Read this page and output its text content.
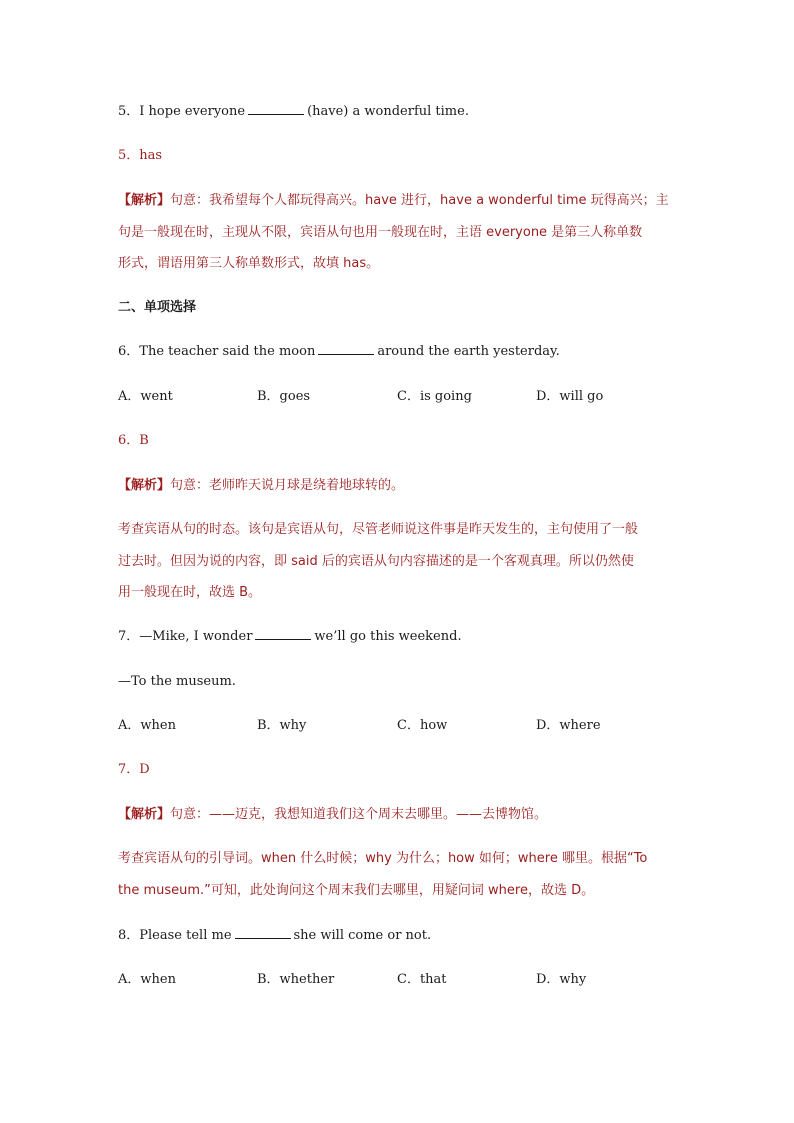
5．I hope everyone	(have) a wonderful time.
5．has
【解析】句意：我希望每个人都玩得高兴。have 进行，have a wonderful time 玩得高兴；主
句是一般现在时，主现从不限，宾语从句也用一般现在时，主语 everyone 是第三人称单数
形式，谓语用第三人称单数形式，故填 has。
二、单项选择
6．The teacher said the moon	around the earth yesterday.
A．went	B．goes	C．is going	D．will go
6．B
【解析】句意：老师昨天说月球是绕着地球转的。
考查宾语从句的时态。该句是宾语从句，尽管老师说这件事是昨天发生的，主句使用了一般
过去时。但因为说的内容，即 said 后的宾语从句内容描述的是一个客观真理。所以仍然使
用一般现在时，故选 B。
7．—Mike, I wonder	we’ll go this weekend.
—To the museum.
A．when	B．why	C．how	D．where
7．D
【解析】句意：——迈克，我想知道我们这个周末去哪里。——去博物馆。
考查宾语从句的引导词。when 什么时候；why 为什么；how 如何；where 哪里。根据“To
the museum.”可知，此处询问这个周末我们去哪里，用疑问词 where，故选 D。
8．Please tell me	she will come or not.
A．when	B．whether	C．that	D．why
